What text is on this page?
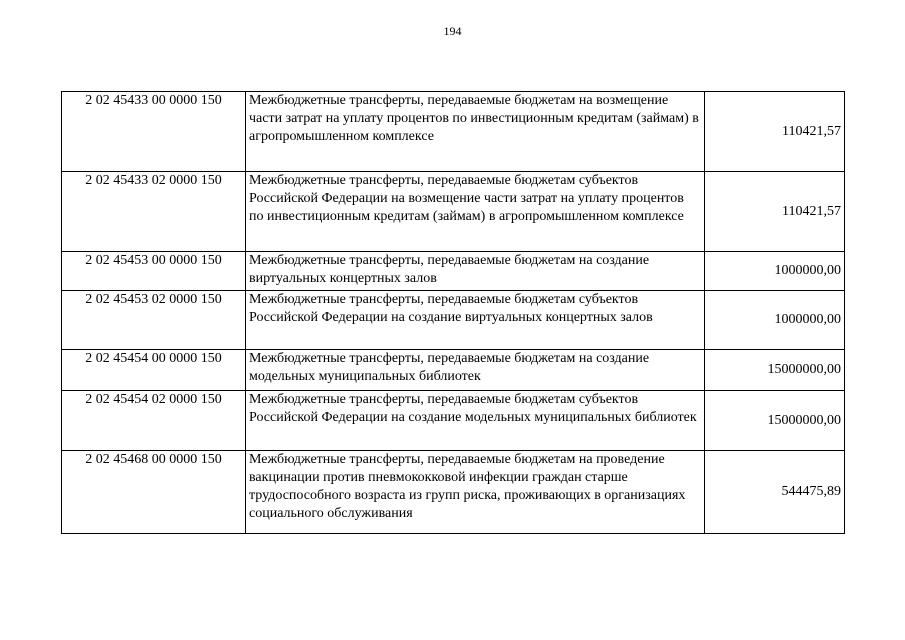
194
2 02 45433 00 0000 150	Межбюджетные трансферты, передаваемые бюджетам на возмещение части затрат на уплату процентов по инвестиционным кредитам (займам) в агропромышленном комплексе	110421,57
2 02 45433 02 0000 150	Межбюджетные трансферты, передаваемые бюджетам субъектов Российской Федерации на возмещение части затрат на уплату процентов по инвестиционным кредитам (займам) в агропромышленном комплексе	110421,57
2 02 45453 00 0000 150	Межбюджетные трансферты, передаваемые бюджетам на создание виртуальных концертных залов	1000000,00
2 02 45453 02 0000 150	Межбюджетные трансферты, передаваемые бюджетам субъектов Российской Федерации на создание виртуальных концертных залов	1000000,00
2 02 45454 00 0000 150	Межбюджетные трансферты, передаваемые бюджетам на создание модельных муниципальных библиотек	15000000,00
2 02 45454 02 0000 150	Межбюджетные трансферты, передаваемые бюджетам субъектов Российской Федерации на создание модельных муниципальных библиотек	15000000,00
2 02 45468 00 0000 150	Межбюджетные трансферты, передаваемые бюджетам на проведение вакцинации против пневмококковой инфекции граждан старше трудоспособного возраста из групп риска, проживающих в организациях социального обслуживания	544475,89
